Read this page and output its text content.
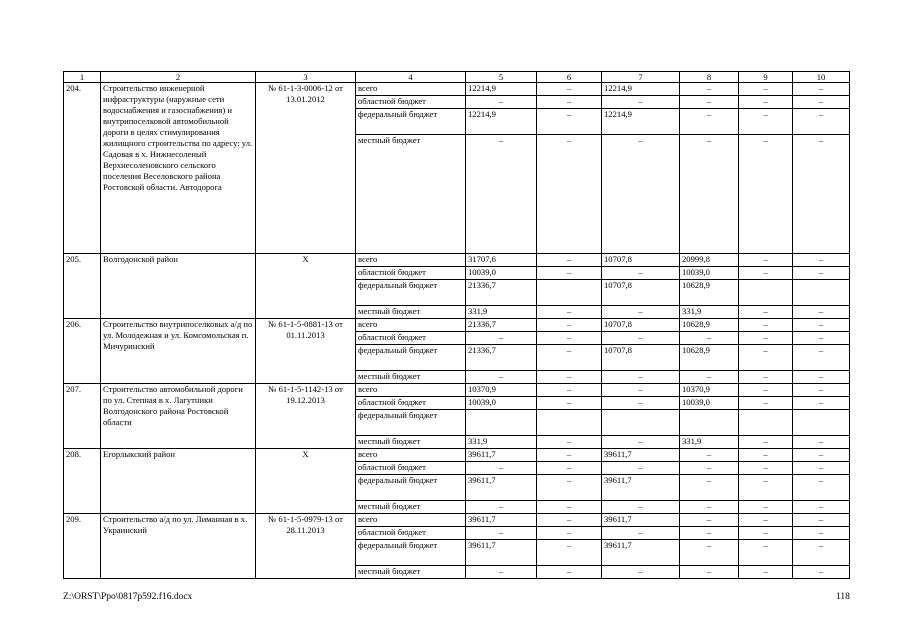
1	2	3	4	5	6	7	8	9	10
204.	Строительство инженерной инфраструктуры (наружные сети водоснабжения и газоснабжения) и внутрипоселковой автомобильной дороги в целях стимулирования жилищного строительства по адресу: ул. Садовая в х. Нижнесоленый Верхнесоленовского сельского поселения Веселовского района Ростовской области. Автодорога	№ 61-1-3-0006-12 от 13.01.2012	всего	12214,9	–	12214,9	–	–	–
			областной бюджет	–	–	–	–	–	–
			федеральный бюджет	12214,9	–	12214,9	–	–	–
			местный бюджет	–	–	–	–	–	–
205.	Волгодонской район	Х	всего	31707,6	–	10707,8	20999,8	–	–
			областной бюджет	10039,0	–	–	10039,0	–	–
			федеральный бюджет	21336,7		10707,8	10628,9		
			местный бюджет	331,9	–	–	331,9	–	–
206.	Строительство внутрипоселковых а/д по ул. Молодежная и ул. Комсомольская п. Мичуринский	№ 61-1-5-0881-13 от 01.11.2013	всего	21336,7	–	10707,8	10628,9	–	–
			областной бюджет	–	–	–	–	–	–
			федеральный бюджет	21336,7	–	10707,8	10628,9	–	–
			местный бюджет	–	–	–	–	–	–
207.	Строительство автомобильной дороги по ул. Степная в х. Лагутники Волгодонского района Ростовской области	№ 61-1-5-1142-13 от 19.12.2013	всего	10370,9	–	–	10370,9	–	–
			областной бюджет	10039,0	–	–	10039,0	–	–
			федеральный бюджет						
			местный бюджет	331,9	–	–	331,9	–	–
208.	Егорлыкский район	Х	всего	39611,7	–	39611,7	–	–	–
			областной бюджет	–	–	–	–	–	–
			федеральный бюджет	39611,7	–	39611,7	–	–	–
			местный бюджет	–	–	–	–	–	–
209.	Строительство а/д по ул. Лиманная в х. Украинский	№ 61-1-5-0979-13 от 28.11.2013	всего	39611,7	–	39611,7	–	–	–
			областной бюджет	–	–	–	–	–	–
			федеральный бюджет	39611,7	–	39611,7	–	–	–
			местный бюджет	–	–	–	–	–	–
Z:\ORST\Ppo\0817p592.f16.docx	118
